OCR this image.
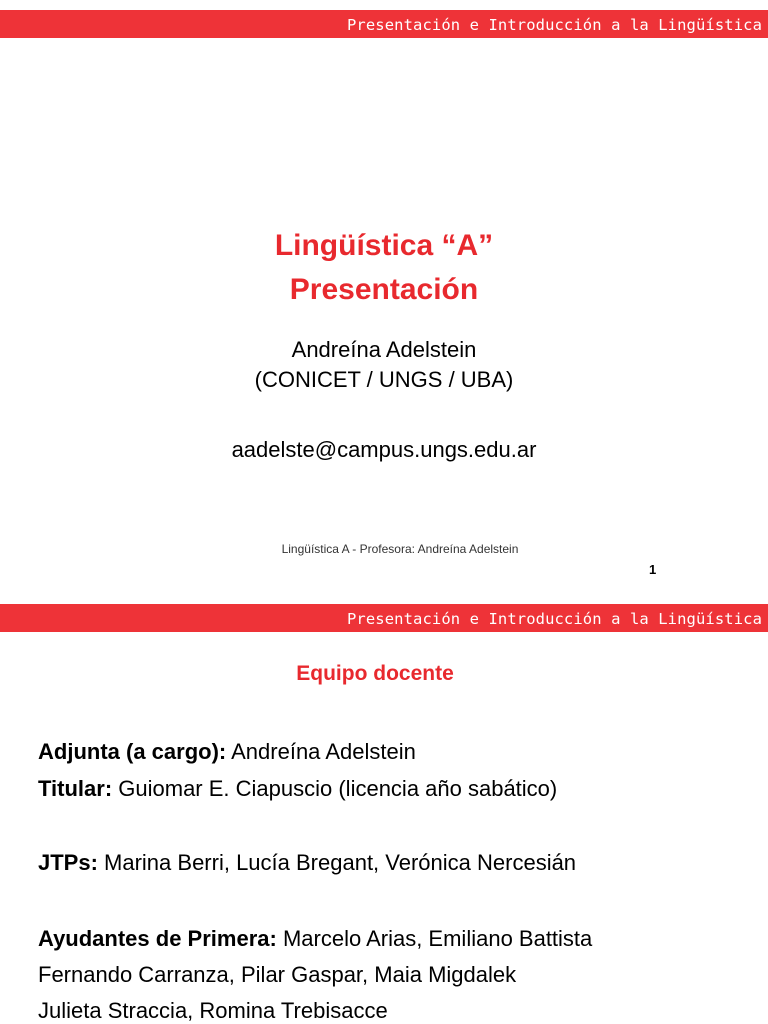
Presentación e Introducción a la Lingüística
Lingüística “A”
Presentación
Andreína Adelstein
(CONICET / UNGS / UBA)
aadelste@campus.ungs.edu.ar
Lingüística A - Profesora: Andreína Adelstein
1
Presentación e Introducción a la Lingüística
Equipo docente
Adjunta (a cargo): Andreína Adelstein
Titular: Guiomar E. Ciapuscio (licencia año sabático)
JTPs: Marina Berri, Lucía Bregant, Verónica Nercesián
Ayudantes de Primera: Marcelo Arias, Emiliano Battista
Fernando Carranza, Pilar Gaspar, Maia Migdalek
Julieta Straccia, Romina Trebisacce
